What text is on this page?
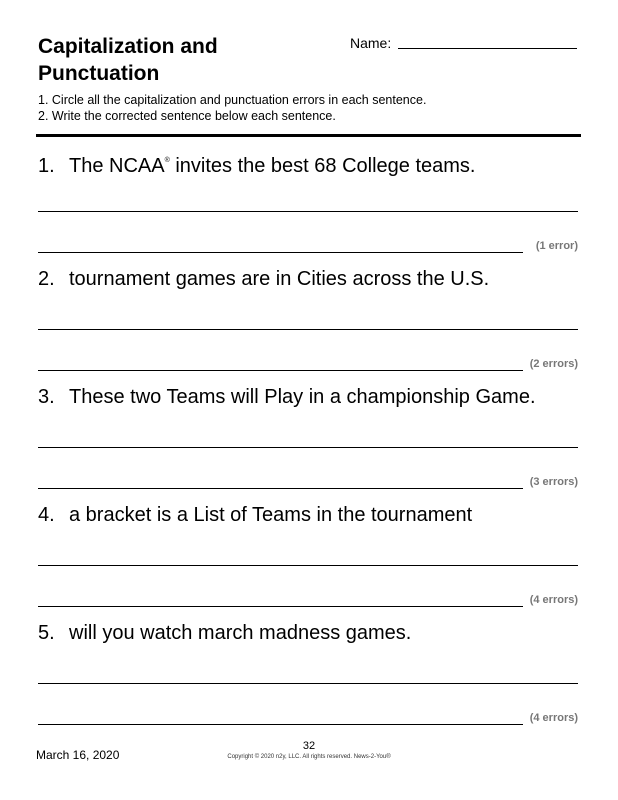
Capitalization and
Punctuation
Name:
1. Circle all the capitalization and punctuation errors in each sentence.
2. Write the corrected sentence below each sentence.
1. The NCAA® invites the best 68 College teams.
(1 error)
2. tournament games are in Cities across the U.S.
(2 errors)
3. These two Teams will Play in a championship Game.
(3 errors)
4. a bracket is a List of Teams in the tournament
(4 errors)
5. will you watch march madness games.
(4 errors)
March 16, 2020
32
Copyright © 2020 n2y, LLC. All rights reserved. News-2-You®
